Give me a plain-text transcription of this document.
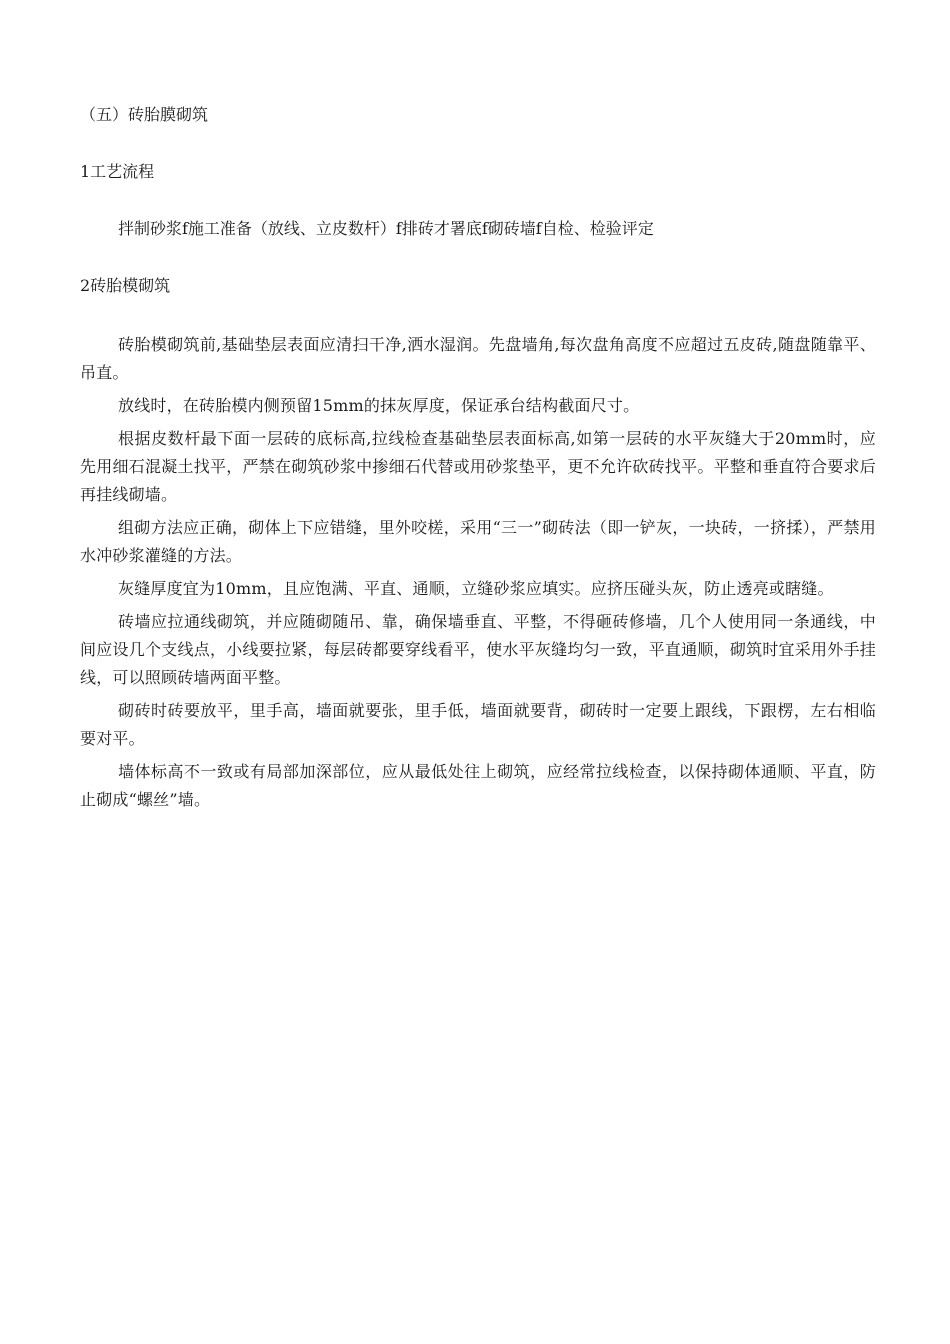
（五）砖胎膜砌筑
1工艺流程

拌制砂浆f施工准备（放线、立皮数杆）f排砖才署底f砌砖墙f自检、检验评定

2砖胎模砌筑

砖胎模砌筑前,基础垫层表面应清扫干净,洒水湿润。先盘墙角,每次盘角高度不应超过五皮砖,随盘随靠平、吊直。

放线时，在砖胎模内侧预留15mm的抹灰厚度，保证承台结构截面尺寸。

根据皮数杆最下面一层砖的底标高,拉线检查基础垫层表面标高,如第一层砖的水平灰缝大于20mm时，应先用细石混凝土找平，严禁在砌筑砂浆中掺细石代替或用砂浆垫平，更不允许砍砖找平。平整和垂直符合要求后再挂线砌墙。

组砌方法应正确，砌体上下应错缝，里外咬槎，采用“三一”砌砖法（即一铲灰，一块砖，一挤揉），严禁用水冲砂浆灌缝的方法。

灰缝厚度宜为10mm，且应饱满、平直、通顺，立缝砂浆应填实。应挤压碰头灰，防止透亮或瞎缝。

砖墙应拉通线砌筑，并应随砌随吊、靠，确保墙垂直、平整，不得砸砖修墙，几个人使用同一条通线，中间应设几个支线点，小线要拉紧，每层砖都要穿线看平，使水平灰缝均匀一致，平直通顺，砌筑时宜采用外手挂线，可以照顾砖墙两面平整。

砌砖时砖要放平，里手高，墙面就要张，里手低，墙面就要背，砌砖时一定要上跟线，下跟楞，左右相临要对平。

墙体标高不一致或有局部加深部位，应从最低处往上砌筑，应经常拉线检查，以保持砌体通顺、平直，防止砌成“螺丝”墙。
